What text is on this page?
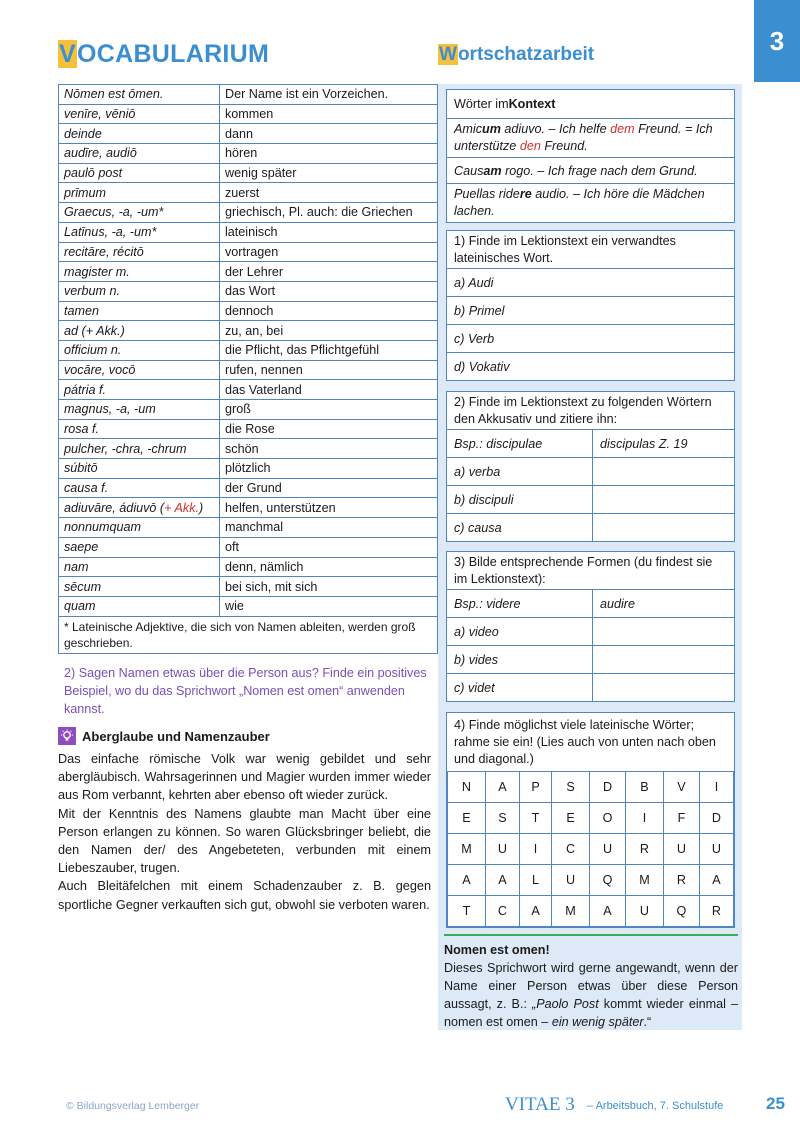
VOCABULARIUM	Wortschatzarbeit	3
Nōmen est ōmen.	Der Name ist ein Vorzeichen.
venīre, vēniō	kommen
deinde	dann
audīre, audiō	hören
paulō post	wenig später
prīmum	zuerst
Graecus, -a, -um*	griechisch, Pl. auch: die Griechen
Latīnus, -a, -um*	lateinisch
recitāre, récitō	vortragen
magister m.	der Lehrer
verbum n.	das Wort
tamen	dennoch
ad (+ Akk.)	zu, an, bei
officium n.	die Pflicht, das Pflichtgefühl
vocāre, vocō	rufen, nennen
pátria f.	das Vaterland
magnus, -a, -um	groß
rosa f.	die Rose
pulcher, -chra, -chrum	schön
súbitō	plötzlich
causa f.	der Grund
adiuvāre, ádiuvō (+ Akk.)	helfen, unterstützen
nonnumquam	manchmal
saepe	oft
nam	denn, nämlich
sēcum	bei sich, mit sich
quam	wie
* Lateinische Adjektive, die sich von Namen ableiten, werden groß geschrieben.	
2) Sagen Namen etwas über die Person aus? Finde ein positives Beispiel, wo du das Sprichwort „Nomen est omen“ anwenden kannst.
Aberglaube und Namenzauber

Das einfache römische Volk war wenig gebildet und sehr abergläubisch. Wahrsagerinnen und Magier wurden immer wieder aus Rom verbannt, kehrten aber ebenso oft wieder zurück.

Mit der Kenntnis des Namens glaubte man Macht über eine Person erlangen zu können. So waren Glücksbringer beliebt, die den Namen der/ des Angebeteten, verbunden mit einem Liebeszauber, trugen.

Auch Bleitäfelchen mit einem Schadenzauber z. B. gegen sportliche Gegner verkauften sich gut, obwohl sie verboten waren.

Wörter im Kontext
Amicum adiuvo. – Ich helfe dem Freund. = Ich unterstütze den Freund.
Causam rogo. – Ich frage nach dem Grund.
Puellas ridere audio. – Ich höre die Mädchen lachen.
1) Finde im Lektionstext ein verwandtes lateinisches Wort.
a) Audi
b) Primel
c) Verb
d) Vokativ
2) Finde im Lektionstext zu folgenden Wörtern den Akkusativ und zitiere ihn:
Bsp.: discipulae	discipulas Z. 19
a) verba
b) discipuli
c) causa
3) Bilde entsprechende Formen (du findest sie im Lektionstext):
Bsp.: videre	audire
a) video
b) vides
c) videt
4) Finde möglichst viele lateinische Wörter; rahme sie ein! (Lies auch von unten nach oben und diagonal.)
N	A	P	S	D	B	V	I
E	S	T	E	O	I	F	D
M	U	I	C	U	R	U	U
A	A	L	U	Q	M	R	A
T	C	A	M	A	U	Q	R
Nomen est omen!
Dieses Sprichwort wird gerne angewandt, wenn der Name einer Person etwas über diese Person aussagt, z. B.: „Paolo Post kommt wieder einmal – nomen est omen – ein wenig später.“
© Bildungsverlag Lemberger	VITAE 3 – Arbeitsbuch, 7. Schulstufe	25
